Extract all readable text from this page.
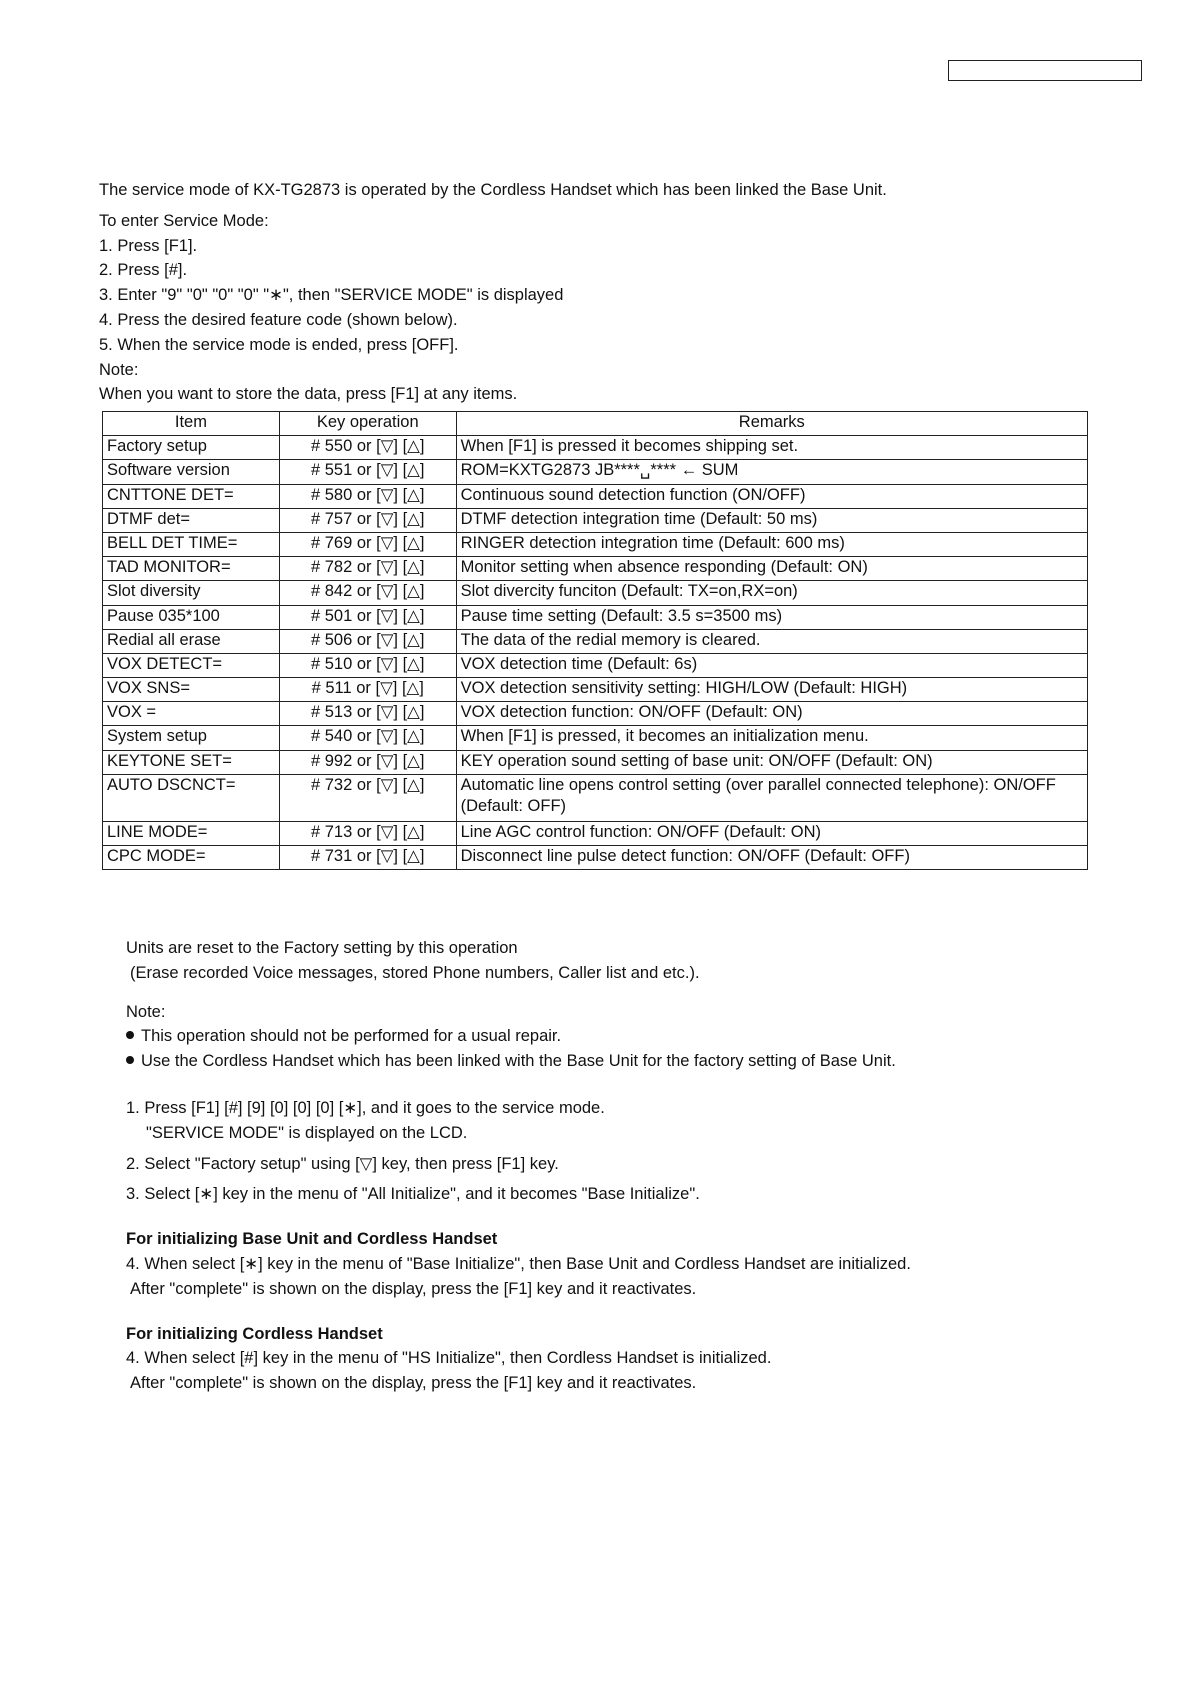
The service mode of KX-TG2873 is operated by the Cordless Handset which has been linked the Base Unit.
To enter Service Mode:
1. Press [F1].
2. Press [#].
3. Enter "9" "0" "0" "0" "∗", then "SERVICE MODE" is displayed
4. Press the desired feature code (shown below).
5. When the service mode is ended, press [OFF].
Note:
When you want to store the data, press [F1] at any items.
Item	Key operation	Remarks
Factory setup	# 550 or [▽] [△]	When [F1] is pressed it becomes shipping set.
Software version	# 551 or [▽] [△]	ROM=KXTG2873 JB****␣**** ← SUM
CNTTONE DET=	# 580 or [▽] [△]	Continuous sound detection function (ON/OFF)
DTMF det=	# 757 or [▽] [△]	DTMF detection integration time (Default: 50 ms)
BELL DET TIME=	# 769 or [▽] [△]	RINGER detection integration time (Default: 600 ms)
TAD MONITOR=	# 782 or [▽] [△]	Monitor setting when absence responding (Default: ON)
Slot diversity	# 842 or [▽] [△]	Slot divercity funciton (Default: TX=on,RX=on)
Pause 035*100	# 501 or [▽] [△]	Pause time setting (Default: 3.5 s=3500 ms)
Redial all erase	# 506 or [▽] [△]	The data of the redial memory is cleared.
VOX DETECT=	# 510 or [▽] [△]	VOX detection time (Default: 6s)
VOX SNS=	# 511 or [▽] [△]	VOX detection sensitivity setting: HIGH/LOW (Default: HIGH)
VOX =	# 513 or [▽] [△]	VOX detection function: ON/OFF (Default: ON)
System setup	# 540 or [▽] [△]	When [F1] is pressed, it becomes an initialization menu.
KEYTONE SET=	# 992 or [▽] [△]	KEY operation sound setting of base unit: ON/OFF (Default: ON)
AUTO DSCNCT=	# 732 or [▽] [△]	Automatic line opens control setting (over parallel connected telephone): ON/OFF (Default: OFF)
LINE MODE=	# 713 or [▽] [△]	Line AGC control function: ON/OFF (Default: ON)
CPC MODE=	# 731 or [▽] [△]	Disconnect line pulse detect function: ON/OFF (Default: OFF)
Units are reset to the Factory setting by this operation
(Erase recorded Voice messages, stored Phone numbers, Caller list and etc.).
Note:
This operation should not be performed for a usual repair.
Use the Cordless Handset which has been linked with the Base Unit for the factory setting of Base Unit.
1. Press [F1] [#] [9] [0] [0] [0] [∗], and it goes to the service mode.
"SERVICE MODE" is displayed on the LCD.
2. Select "Factory setup" using [▽] key, then press [F1] key.
3. Select [∗] key in the menu of "All Initialize", and it becomes "Base Initialize".
For initializing Base Unit and Cordless Handset
4. When select [∗] key in the menu of "Base Initialize", then Base Unit and Cordless Handset are initialized.
After "complete" is shown on the display, press the [F1] key and it reactivates.
For initializing Cordless Handset
4. When select [#] key in the menu of "HS Initialize", then Cordless Handset is initialized.
After "complete" is shown on the display, press the [F1] key and it reactivates.
